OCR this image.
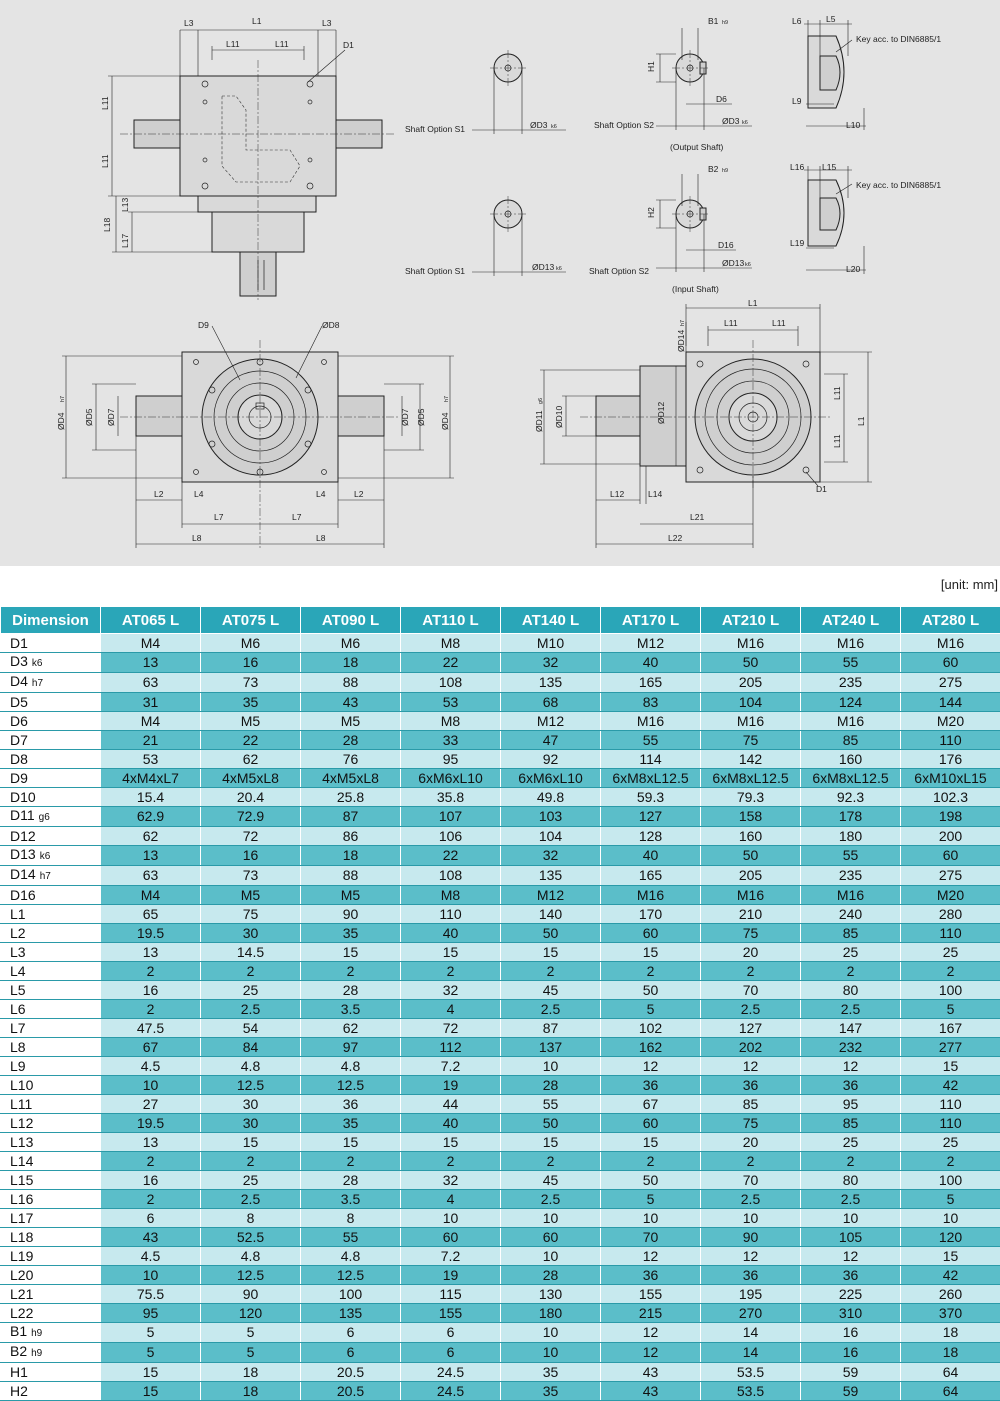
L3	L1	L3
L11	L11	D1
L11
L11
L13
L18
L17
Shaft Option S1	ØD3 k6
B1 h9
H1
D6
Shaft Option S2	ØD3 k6
(Output Shaft)
L6	L5
Key acc. to DIN6885/1
L9
L10
Shaft Option S1	ØD13 k6
B2 h9
H2
D16
Shaft Option S2
ØD13 k6
(Input Shaft)
L16 L15
Key acc. to DIN6885/1
L19
L20
D9	ØD8
ØD4
h7
ØD5 ØD7	ØD7 ØD5 ØD4
h7
L2	L4	L4	L2
L7	L7
L8	L8
L1
L11	L11
ØD14
h7
L11
L11
L1
ØD11
g6
ØD10	ØD12
L12	L14
L21
L22
D1
[unit: mm]
Dimension	AT065 L	AT075 L	AT090 L	AT110 L	AT140 L	AT170 L	AT210 L	AT240 L	AT280 L
D1	M4	M6	M6	M8	M10	M12	M16	M16	M16
D3 k6	13	16	18	22	32	40	50	55	60
D4 h7	63	73	88	108	135	165	205	235	275
D5	31	35	43	53	68	83	104	124	144
D6	M4	M5	M5	M8	M12	M16	M16	M16	M20
D7	21	22	28	33	47	55	75	85	110
D8	53	62	76	95	92	114	142	160	176
D9	4xM4xL7	4xM5xL8	4xM5xL8	6xM6xL10	6xM6xL10	6xM8xL12.5	6xM8xL12.5	6xM8xL12.5	6xM10xL15
D10	15.4	20.4	25.8	35.8	49.8	59.3	79.3	92.3	102.3
D11 g6	62.9	72.9	87	107	103	127	158	178	198
D12	62	72	86	106	104	128	160	180	200
D13 k6	13	16	18	22	32	40	50	55	60
D14 h7	63	73	88	108	135	165	205	235	275
D16	M4	M5	M5	M8	M12	M16	M16	M16	M20
L1	65	75	90	110	140	170	210	240	280
L2	19.5	30	35	40	50	60	75	85	110
L3	13	14.5	15	15	15	15	20	25	25
L4	2	2	2	2	2	2	2	2	2
L5	16	25	28	32	45	50	70	80	100
L6	2	2.5	3.5	4	2.5	5	2.5	2.5	5
L7	47.5	54	62	72	87	102	127	147	167
L8	67	84	97	112	137	162	202	232	277
L9	4.5	4.8	4.8	7.2	10	12	12	12	15
L10	10	12.5	12.5	19	28	36	36	36	42
L11	27	30	36	44	55	67	85	95	110
L12	19.5	30	35	40	50	60	75	85	110
L13	13	15	15	15	15	15	20	25	25
L14	2	2	2	2	2	2	2	2	2
L15	16	25	28	32	45	50	70	80	100
L16	2	2.5	3.5	4	2.5	5	2.5	2.5	5
L17	6	8	8	10	10	10	10	10	10
L18	43	52.5	55	60	60	70	90	105	120
L19	4.5	4.8	4.8	7.2	10	12	12	12	15
L20	10	12.5	12.5	19	28	36	36	36	42
L21	75.5	90	100	115	130	155	195	225	260
L22	95	120	135	155	180	215	270	310	370
B1 h9	5	5	6	6	10	12	14	16	18
B2 h9	5	5	6	6	10	12	14	16	18
H1	15	18	20.5	24.5	35	43	53.5	59	64
H2	15	18	20.5	24.5	35	43	53.5	59	64
